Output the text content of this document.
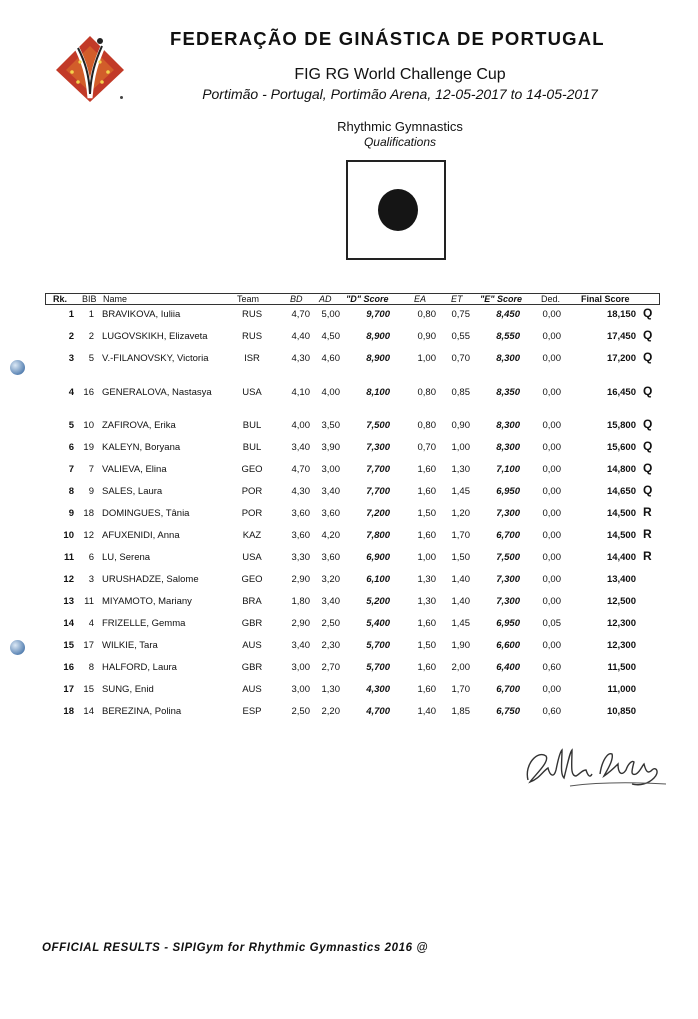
FEDERAÇÃO DE GINÁSTICA DE PORTUGAL
FIG RG World Challenge Cup
Portimão - Portugal, Portimão Arena, 12-05-2017 to 14-05-2017
Rhythmic Gymnastics
Qualifications
Rk. BIB Name	Team	BD AD "D" Score	EA	ET "E" Score Ded. Final Score
1	1 BRAVIKOVA, Iuliia	RUS	4,70	5,00	9,700	0,80	0,75	8,450	0,00	18,150 Q
2	2 LUGOVSKIKH, Elizaveta	RUS	4,40	4,50	8,900	0,90	0,55	8,550	0,00	17,450 Q
3	5 V.-FILANOVSKY, Victoria	ISR	4,30	4,60	8,900	1,00	0,70	8,300	0,00	17,200 Q
4 16 GENERALOVA, Nastasya	USA	4,10	4,00	8,100	0,80	0,85	8,350	0,00	16,450 Q
5 10 ZAFIROVA, Erika	BUL	4,00	3,50	7,500	0,80	0,90	8,300	0,00	15,800 Q
6 19 KALEYN, Boryana	BUL	3,40	3,90	7,300	0,70	1,00	8,300	0,00	15,600 Q
7	7 VALIEVA, Elina	GEO	4,70	3,00	7,700	1,60	1,30	7,100	0,00	14,800 Q
8	9 SALES, Laura	POR	4,30	3,40	7,700	1,60	1,45	6,950	0,00	14,650 Q
9 18 DOMINGUES, Tânia	POR	3,60	3,60	7,200	1,50	1,20	7,300	0,00	14,500 R
10 12 AFUXENIDI, Anna	KAZ	3,60	4,20	7,800	1,60	1,70	6,700	0,00	14,500 R
11	6 LU, Serena	USA	3,30	3,60	6,900	1,00	1,50	7,500	0,00	14,400 R
12	3 URUSHADZE, Salome	GEO	2,90	3,20	6,100	1,30	1,40	7,300	0,00	13,400
13	11 MIYAMOTO, Mariany	BRA	1,80	3,40	5,200	1,30	1,40	7,300	0,00	12,500
14	4 FRIZELLE, Gemma	GBR	2,90	2,50	5,400	1,60	1,45	6,950	0,05	12,300
15 17 WILKIE, Tara	AUS	3,40	2,30	5,700	1,50	1,90	6,600	0,00	12,300
16	8 HALFORD, Laura	GBR	3,00	2,70	5,700	1,60	2,00	6,400	0,60	11,500
17 15 SUNG, Enid	AUS	3,00	1,30	4,300	1,60	1,70	6,700	0,00	11,000
18 14 BEREZINA, Polina	ESP	2,50	2,20	4,700	1,40	1,85	6,750	0,60	10,850
OFFICIAL RESULTS - SIPIGym for Rhythmic Gymnastics 2016 @
